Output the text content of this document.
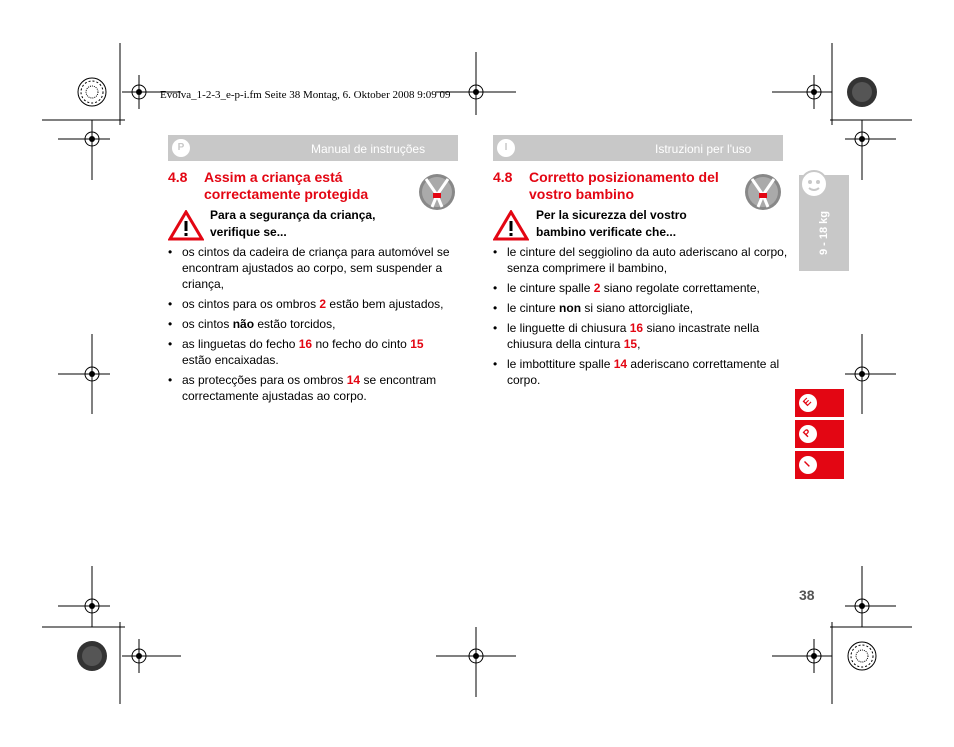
Evolva_1-2-3_e-p-i.fm Seite 38 Montag, 6. Oktober 2008 9:09 09
P	Manual de instruções
4.8 Assim a criança está correctamente protegida
Para a segurança da criança, verifique se...
• os cintos da cadeira de criança para automóvel se encontram ajustados ao corpo, sem suspender a criança,
• os cintos para os ombros 2 estão bem ajustados,
• os cintos não estão torcidos,
• as linguetas do fecho 16 no fecho do cinto 15
estão encaixadas.
• as protecções para os ombros 14 se encontram correctamente ajustadas ao corpo.
I	Istruzioni per l'uso
4.8 Corretto posizionamento del vostro bambino
Per la sicurezza del vostro bambino verificate che...
• le cinture del seggiolino da auto aderiscano al corpo, senza comprimere il bambino,
• le cinture spalle 2 siano regolate correttamente,
• le cinture non si siano attorcigliate,
• le linguette di chiusura 16 siano incastrate nella chiusura della cintura 15,
• le imbottiture spalle 14 aderiscano correttamente al corpo.
9 - 18 kg
E
P
I
38
